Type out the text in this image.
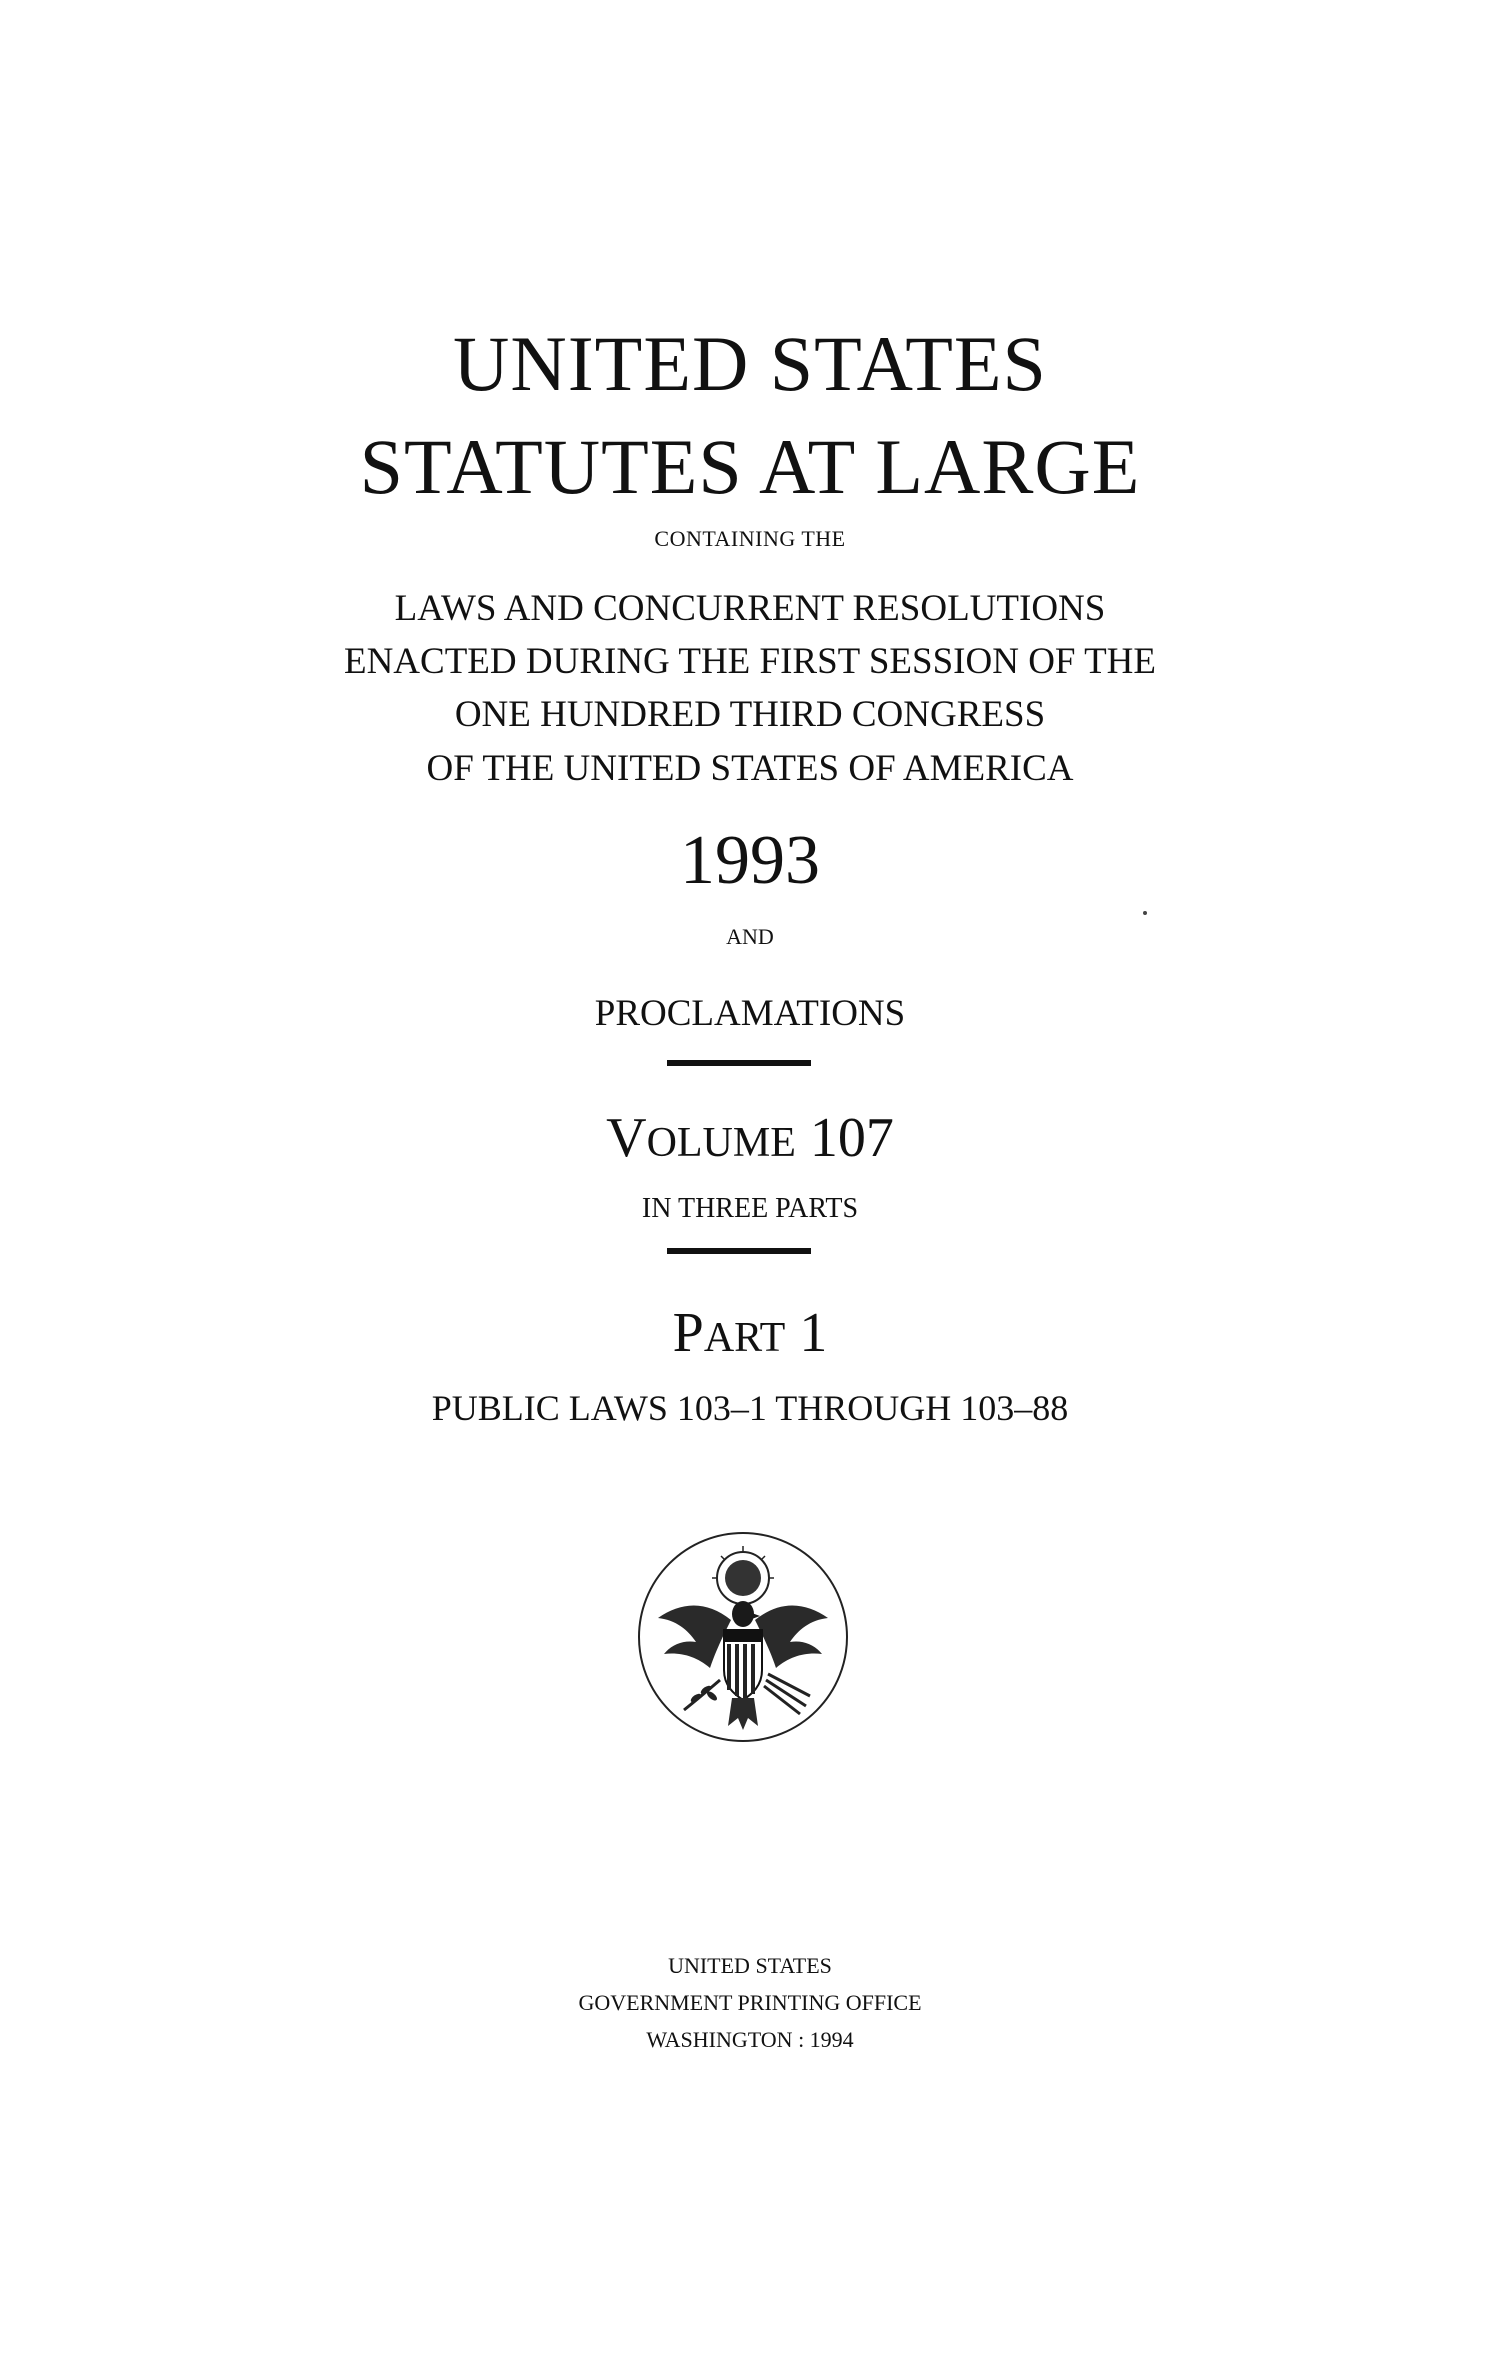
UNITED STATES
STATUTES AT LARGE
CONTAINING THE
LAWS AND CONCURRENT RESOLUTIONS
ENACTED DURING THE FIRST SESSION OF THE
ONE HUNDRED THIRD CONGRESS
OF THE UNITED STATES OF AMERICA
1993
AND
PROCLAMATIONS
VOLUME 107
IN THREE PARTS
PART 1
PUBLIC LAWS 103–1 THROUGH 103–88
UNITED STATES
GOVERNMENT PRINTING OFFICE
WASHINGTON : 1994
